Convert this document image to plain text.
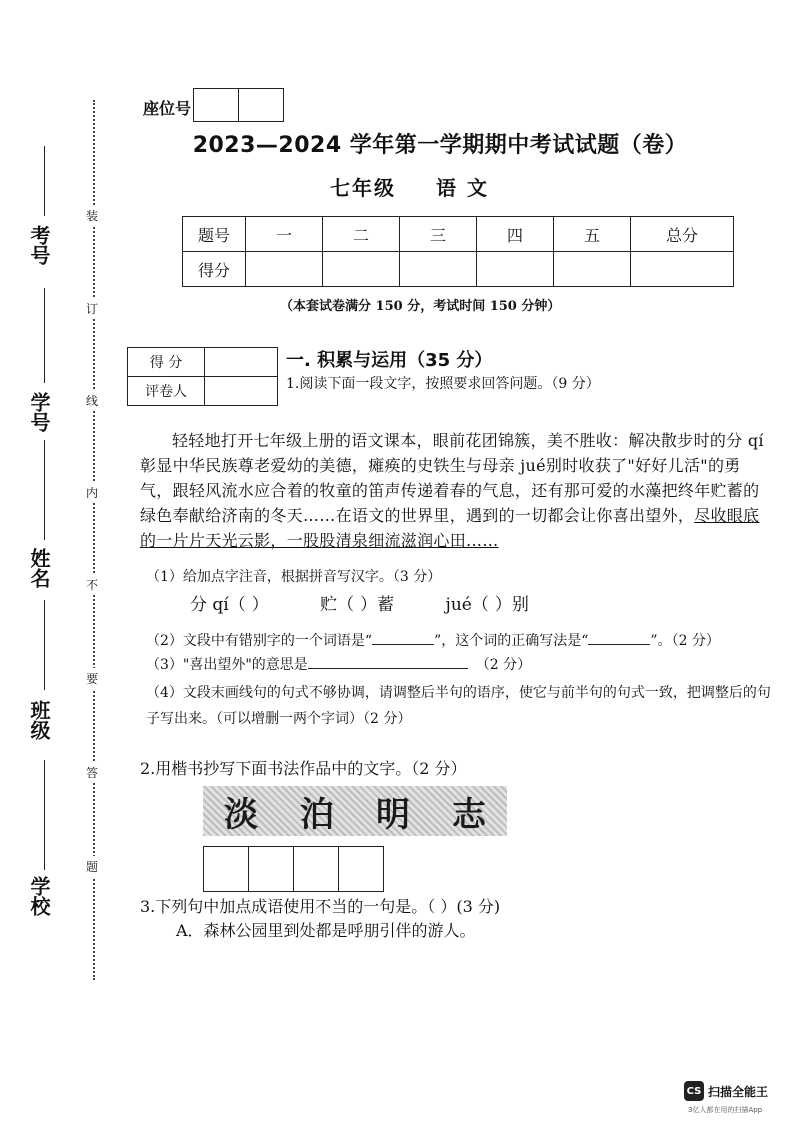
装
订
线
内
不
要
答
题
考号
学号
姓名
班级
学校
座位号
2023—2024 学年第一学期期中考试试题（卷）
七年级 语 文
题号	一	二	三	四	五	总分
得分						
（本套试卷满分 150 分，考试时间 150 分钟）
得 分	
评卷人	
一. 积累与运用（35 分）
1.阅读下面一段文字，按照要求回答问题。（9 分）
轻轻地打开七年级上册的语文课本，眼前花团锦簇，美不胜收：解决散步时的分 qí彰显中华民族尊老爱幼的美德，瘫痪的史铁生与母亲 jué别时收获了"好好儿活"的勇气，跟轻风流水应合着的牧童的笛声传递着春的气息，还有那可爱的水藻把终年贮蓄的绿色奉献给济南的冬天……在语文的世界里，遇到的一切都会让你喜出望外，尽收眼底的一片片天光云影，一股股清泉细流滋润心田……
（1）给加点字注音，根据拼音写汉字。（3 分）
分 qí（ ）	贮（ ）蓄	jué（ ）别
（2）文段中有错别字的一个词语是“	”，这个词的正确写法是“	”。（2 分）
（3）"喜出望外"的意思是	（2 分）
（4）文段末画线句的句式不够协调，请调整后半句的语序，使它与前半句的句式一致，把调整后的句子写出来。（可以增删一两个字词）（2 分）
2.用楷书抄写下面书法作品中的文字。（2 分）
淡 泊 明 志
3.下列句中加点成语使用不当的一句是。（ ）(3 分)
A．森林公园里到处都是呼朋引伴的游人。
CS 扫描全能王
3亿人都在用的扫描App
